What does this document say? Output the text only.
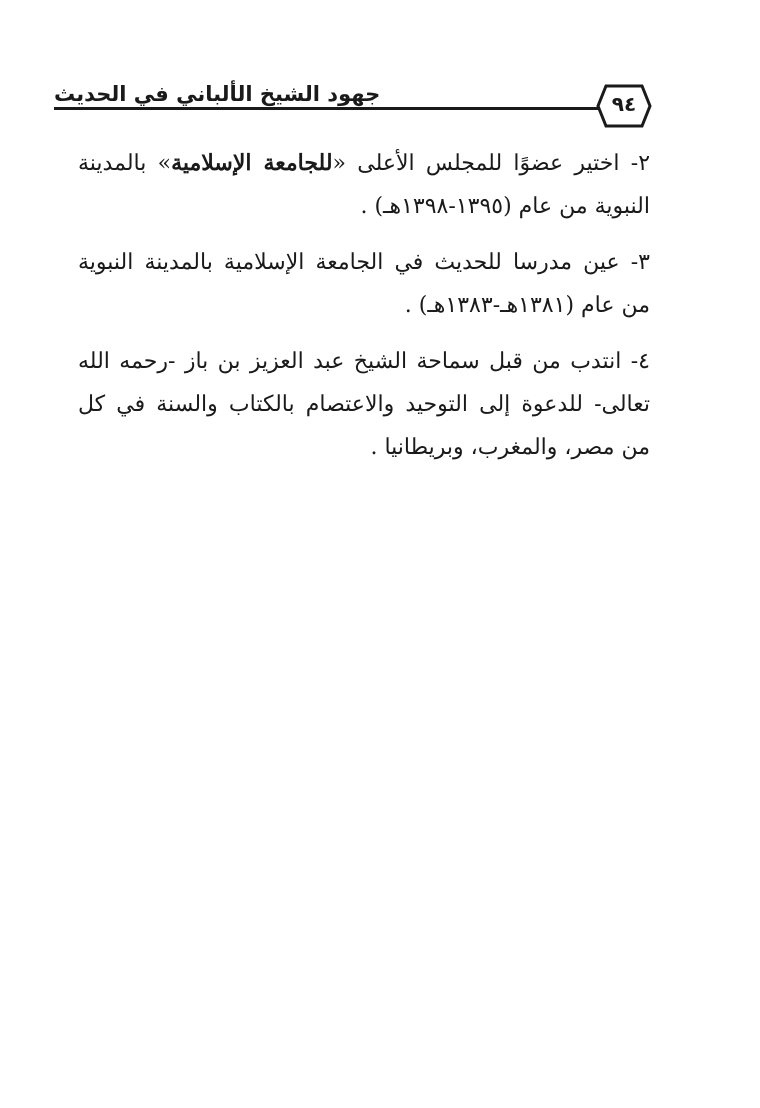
جهود الشيخ الألباني في الحديث	٩٤

٢- اختير عضوًا للمجلس الأعلى «للجامعة الإسلامية» بالمدينة النبوية من عام (١٣٩٥-١٣٩٨هـ) .

٣- عين مدرسا للحديث في الجامعة الإسلامية بالمدينة النبوية من عام (١٣٨١هـ-١٣٨٣هـ) .

٤- انتدب من قبل سماحة الشيخ عبد العزيز بن باز -رحمه الله تعالى- للدعوة إلى التوحيد والاعتصام بالكتاب والسنة في كل من مصر، والمغرب، وبريطانيا .
